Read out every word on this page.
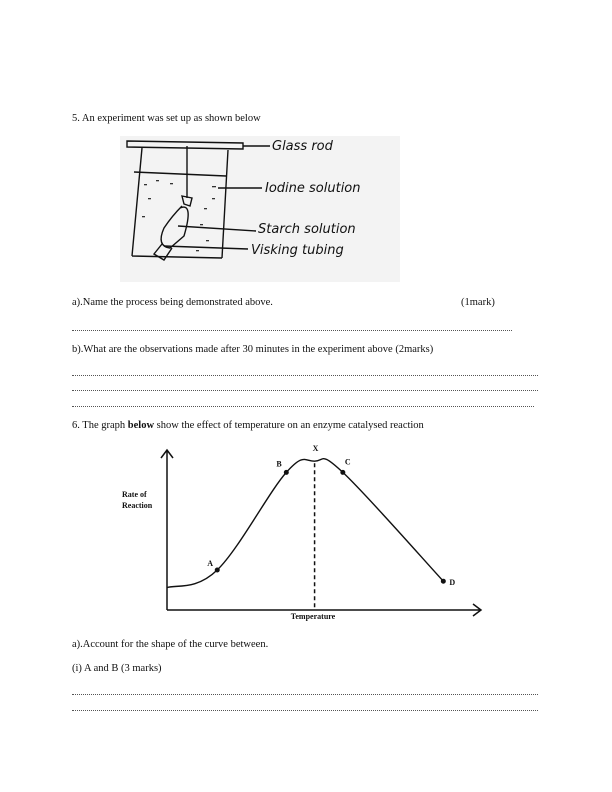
5. An experiment was set up as shown below
Glass rod
Iodine solution
Starch solution
Visking tubing
a).Name the process being demonstrated above.	(1mark)
b).What are the observations made after 30 minutes in the experiment above (2marks)
6. The graph below show the effect of temperature on an enzyme catalysed reaction
A
B
X
C
D
Rate of
Reaction
Temperature
a).Account for the shape of the curve between.
(i) A and B (3 marks)
